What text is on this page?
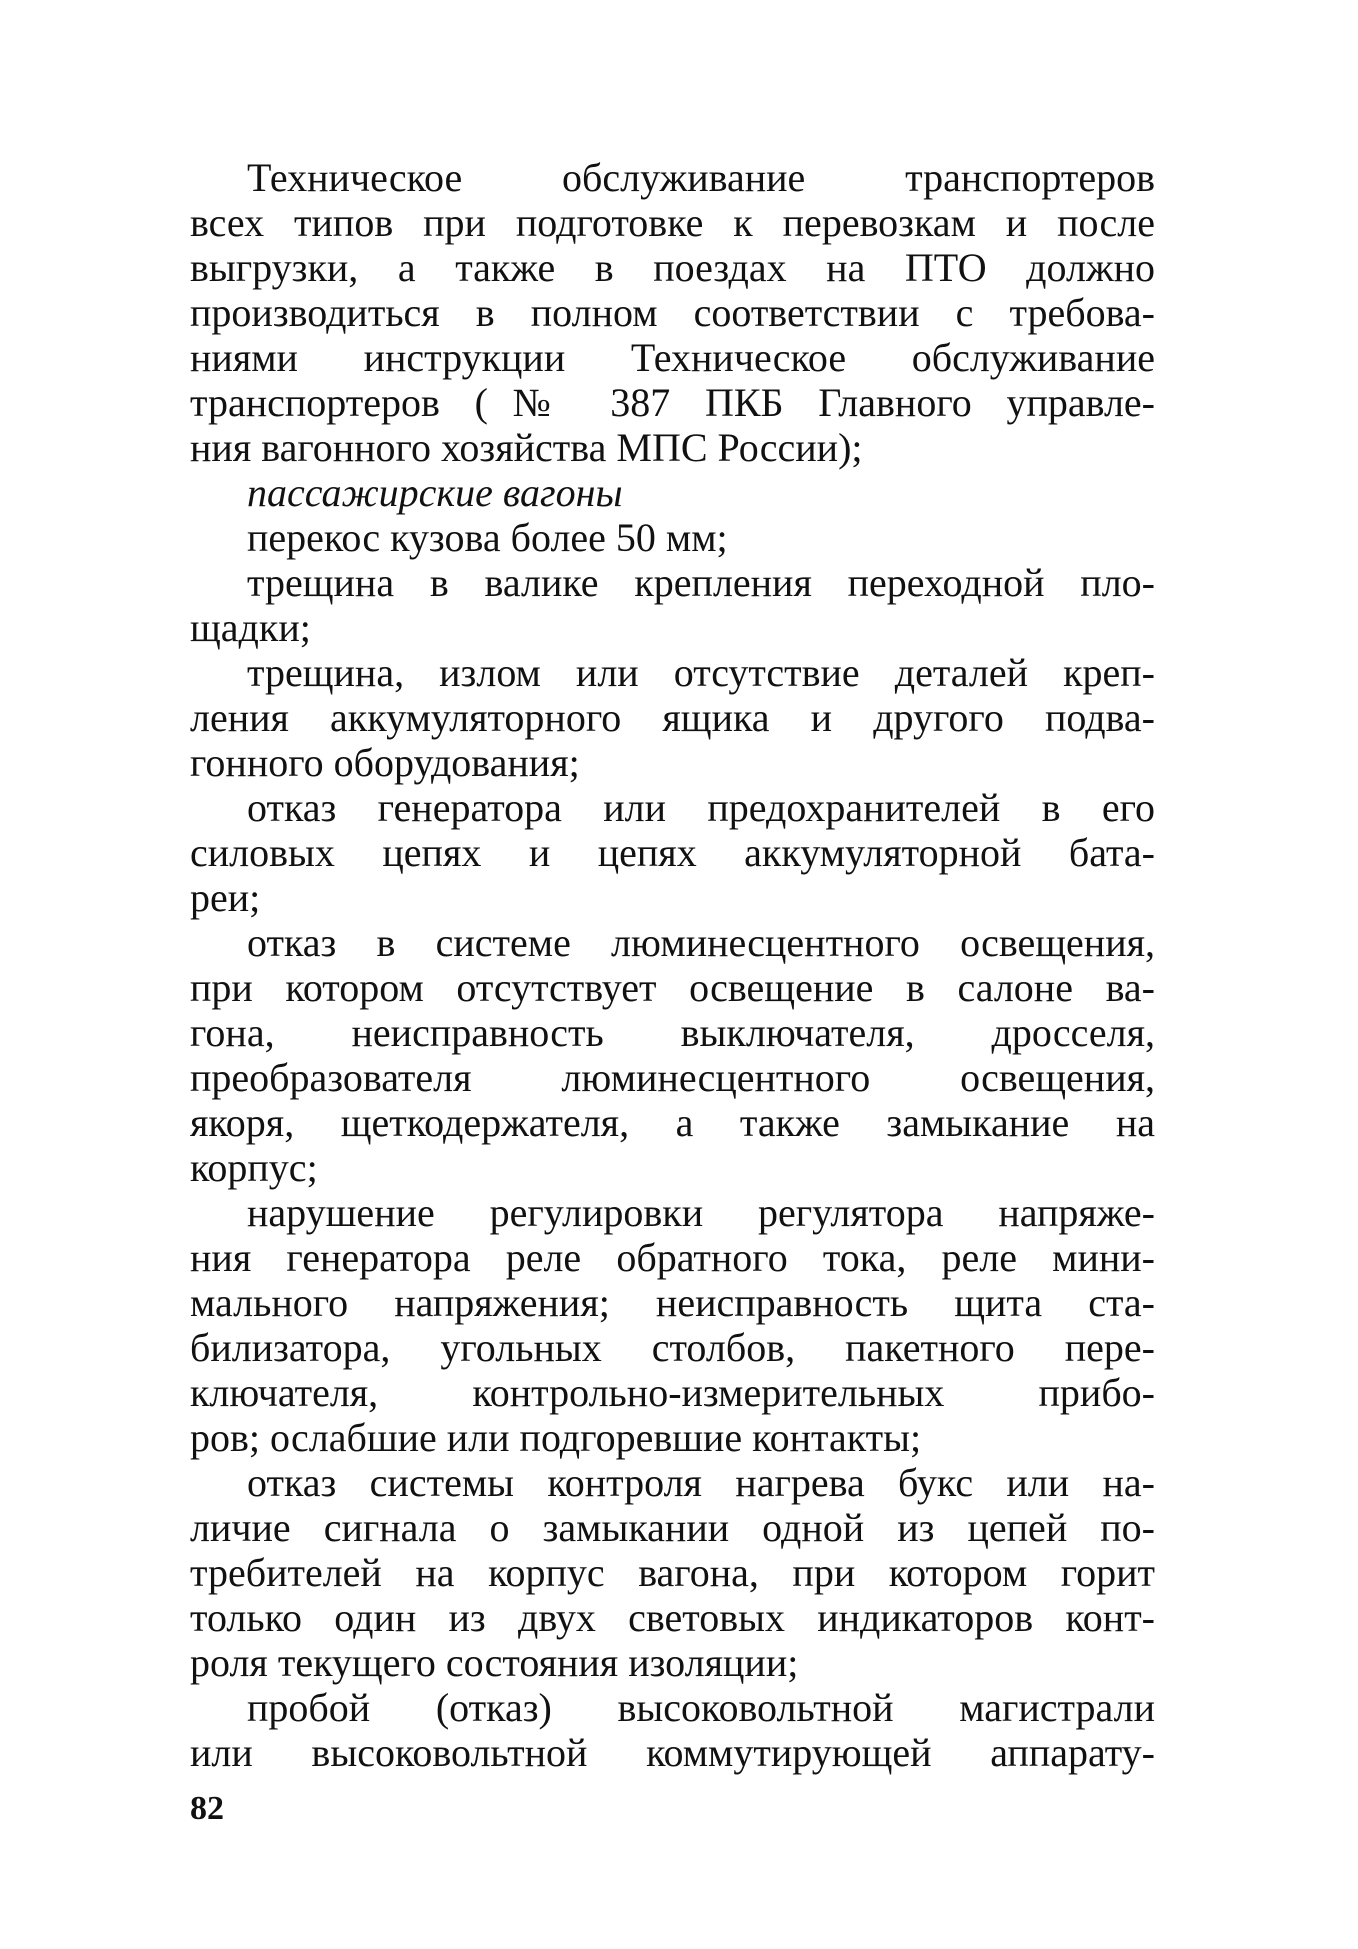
Техническое обслуживание транспортеров
всех типов при подготовке к перевозкам и после
выгрузки, а также в поездах на ПТО должно
производиться в полном соответствии с требова-
ниями инструкции Техническое обслуживание
транспортеров (№ 387 ПКБ Главного управле-
ния вагонного хозяйства МПС России);
пассажирские вагоны
перекос кузова более 50 мм;
трещина в валике крепления переходной пло-
щадки;
трещина, излом или отсутствие деталей креп-
ления аккумуляторного ящика и другого подва-
гонного оборудования;
отказ генератора или предохранителей в его
силовых цепях и цепях аккумуляторной бата-
реи;
отказ в системе люминесцентного освещения,
при котором отсутствует освещение в салоне ва-
гона, неисправность выключателя, дросселя,
преобразователя люминесцентного освещения,
якоря, щеткодержателя, а также замыкание на
корпус;
нарушение регулировки регулятора напряже-
ния генератора реле обратного тока, реле мини-
мального напряжения; неисправность щита ста-
билизатора, угольных столбов, пакетного пере-
ключателя, контрольно-измерительных прибо-
ров; ослабшие или подгоревшие контакты;
отказ системы контроля нагрева букс или на-
личие сигнала о замыкании одной из цепей по-
требителей на корпус вагона, при котором горит
только один из двух световых индикаторов конт-
роля текущего состояния изоляции;
пробой (отказ) высоковольтной магистрали
или высоковольтной коммутирующей аппарату-
82
